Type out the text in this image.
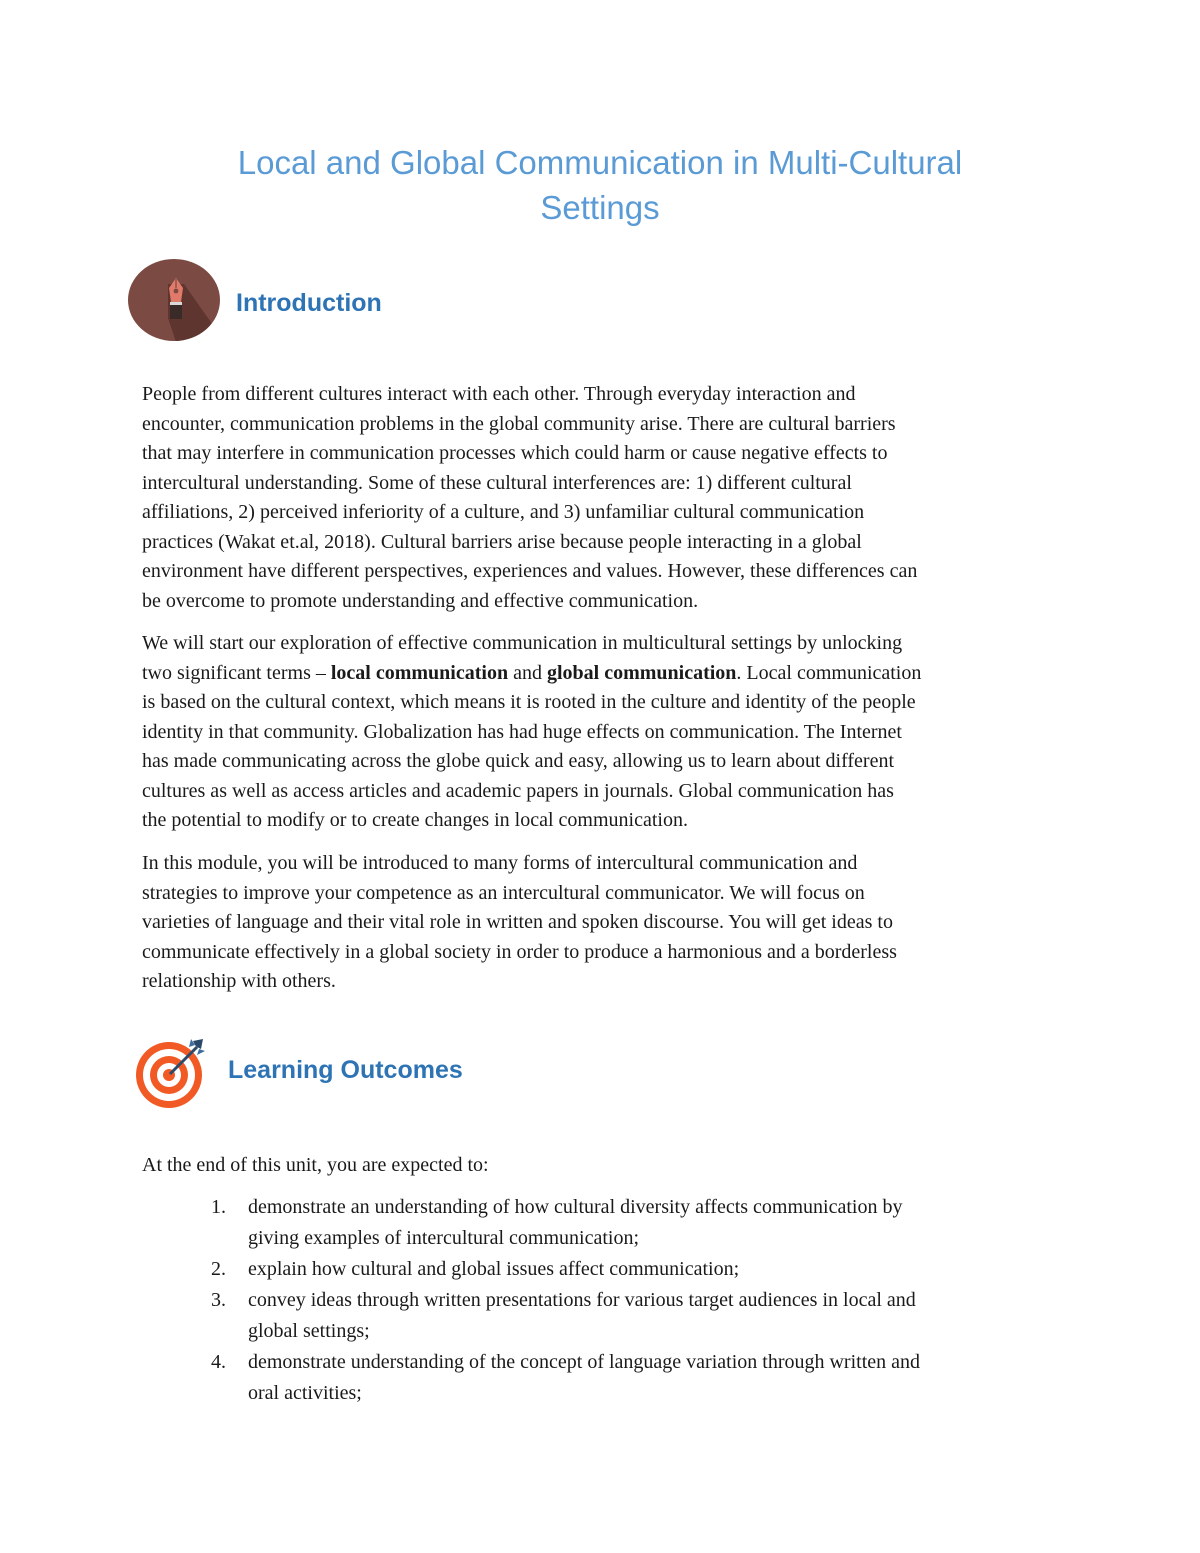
Local and Global Communication in Multi-Cultural
Settings
Introduction
People from different cultures interact with each other. Through everyday interaction and
encounter, communication problems in the global community arise. There are cultural barriers
that may interfere in communication processes which could harm or cause negative effects to
intercultural understanding. Some of these cultural interferences are: 1) different cultural
affiliations, 2) perceived inferiority of a culture, and 3) unfamiliar cultural communication
practices (Wakat et.al, 2018). Cultural barriers arise because people interacting in a global
environment have different perspectives, experiences and values. However, these differences can
be overcome to promote understanding and effective communication.
We will start our exploration of effective communication in multicultural settings by unlocking
two significant terms – local communication and global communication. Local communication
is based on the cultural context, which means it is rooted in the culture and identity of the people
identity in that community. Globalization has had huge effects on communication. The Internet
has made communicating across the globe quick and easy, allowing us to learn about different
cultures as well as access articles and academic papers in journals. Global communication has
the potential to modify or to create changes in local communication.
In this module, you will be introduced to many forms of intercultural communication and
strategies to improve your competence as an intercultural communicator. We will focus on
varieties of language and their vital role in written and spoken discourse. You will get ideas to
communicate effectively in a global society in order to produce a harmonious and a borderless
relationship with others.
Learning Outcomes

At the end of this unit, you are expected to:

1. demonstrate an understanding of how cultural diversity affects communication by
giving examples of intercultural communication;
2. explain how cultural and global issues affect communication;
3. convey ideas through written presentations for various target audiences in local and
global settings;
4. demonstrate understanding of the concept of language variation through written and
oral activities;
